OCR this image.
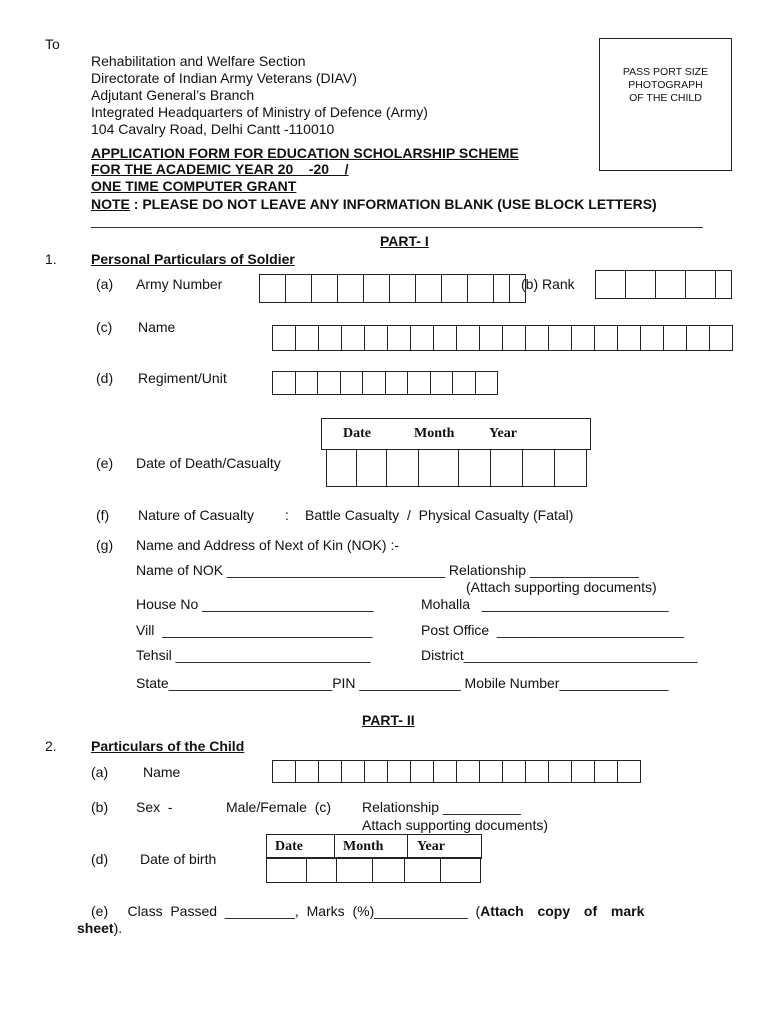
To
Rehabilitation and Welfare Section
Directorate of Indian Army Veterans (DIAV)
Adjutant General’s Branch
Integrated Headquarters of Ministry of Defence (Army)
104 Cavalry Road, Delhi Cantt -110010
PASS PORT SIZE
PHOTOGRAPH
OF THE CHILD
APPLICATION FORM FOR EDUCATION SCHOLARSHIP SCHEME
FOR THE ACADEMIC YEAR 20    -20    /
ONE TIME COMPUTER GRANT
NOTE : PLEASE DO NOT LEAVE ANY INFORMATION BLANK (USE BLOCK LETTERS)
PART- I
1. Personal Particulars of Soldier
(a) Army Number	(b) Rank
(c) Name
(d) Regiment/Unit
Date	Month Year
(e) Date of Death/Casualty
(f) Nature of Casualty : Battle Casualty  /  Physical Casualty (Fatal)
(g) Name and Address of Next of Kin (NOK) :-
Name of NOK ____________________________ Relationship ______________
(Attach supporting documents)
House No ______________________	Mohalla   ________________________
Vill  ___________________________	Post Office  ________________________
Tehsil _________________________	District______________________________
State_____________________PIN _____________ Mobile Number______________
PART- II
2. Particulars of the Child
(a) Name
(b) Sex  -	Male/Female  (c) Relationship __________
Attach supporting documents)
Date	Month Year
(d) Date of birth
(e)     Class  Passed  _________,  Marks  (%)____________  (Attach  copy  of  mark
sheet).
